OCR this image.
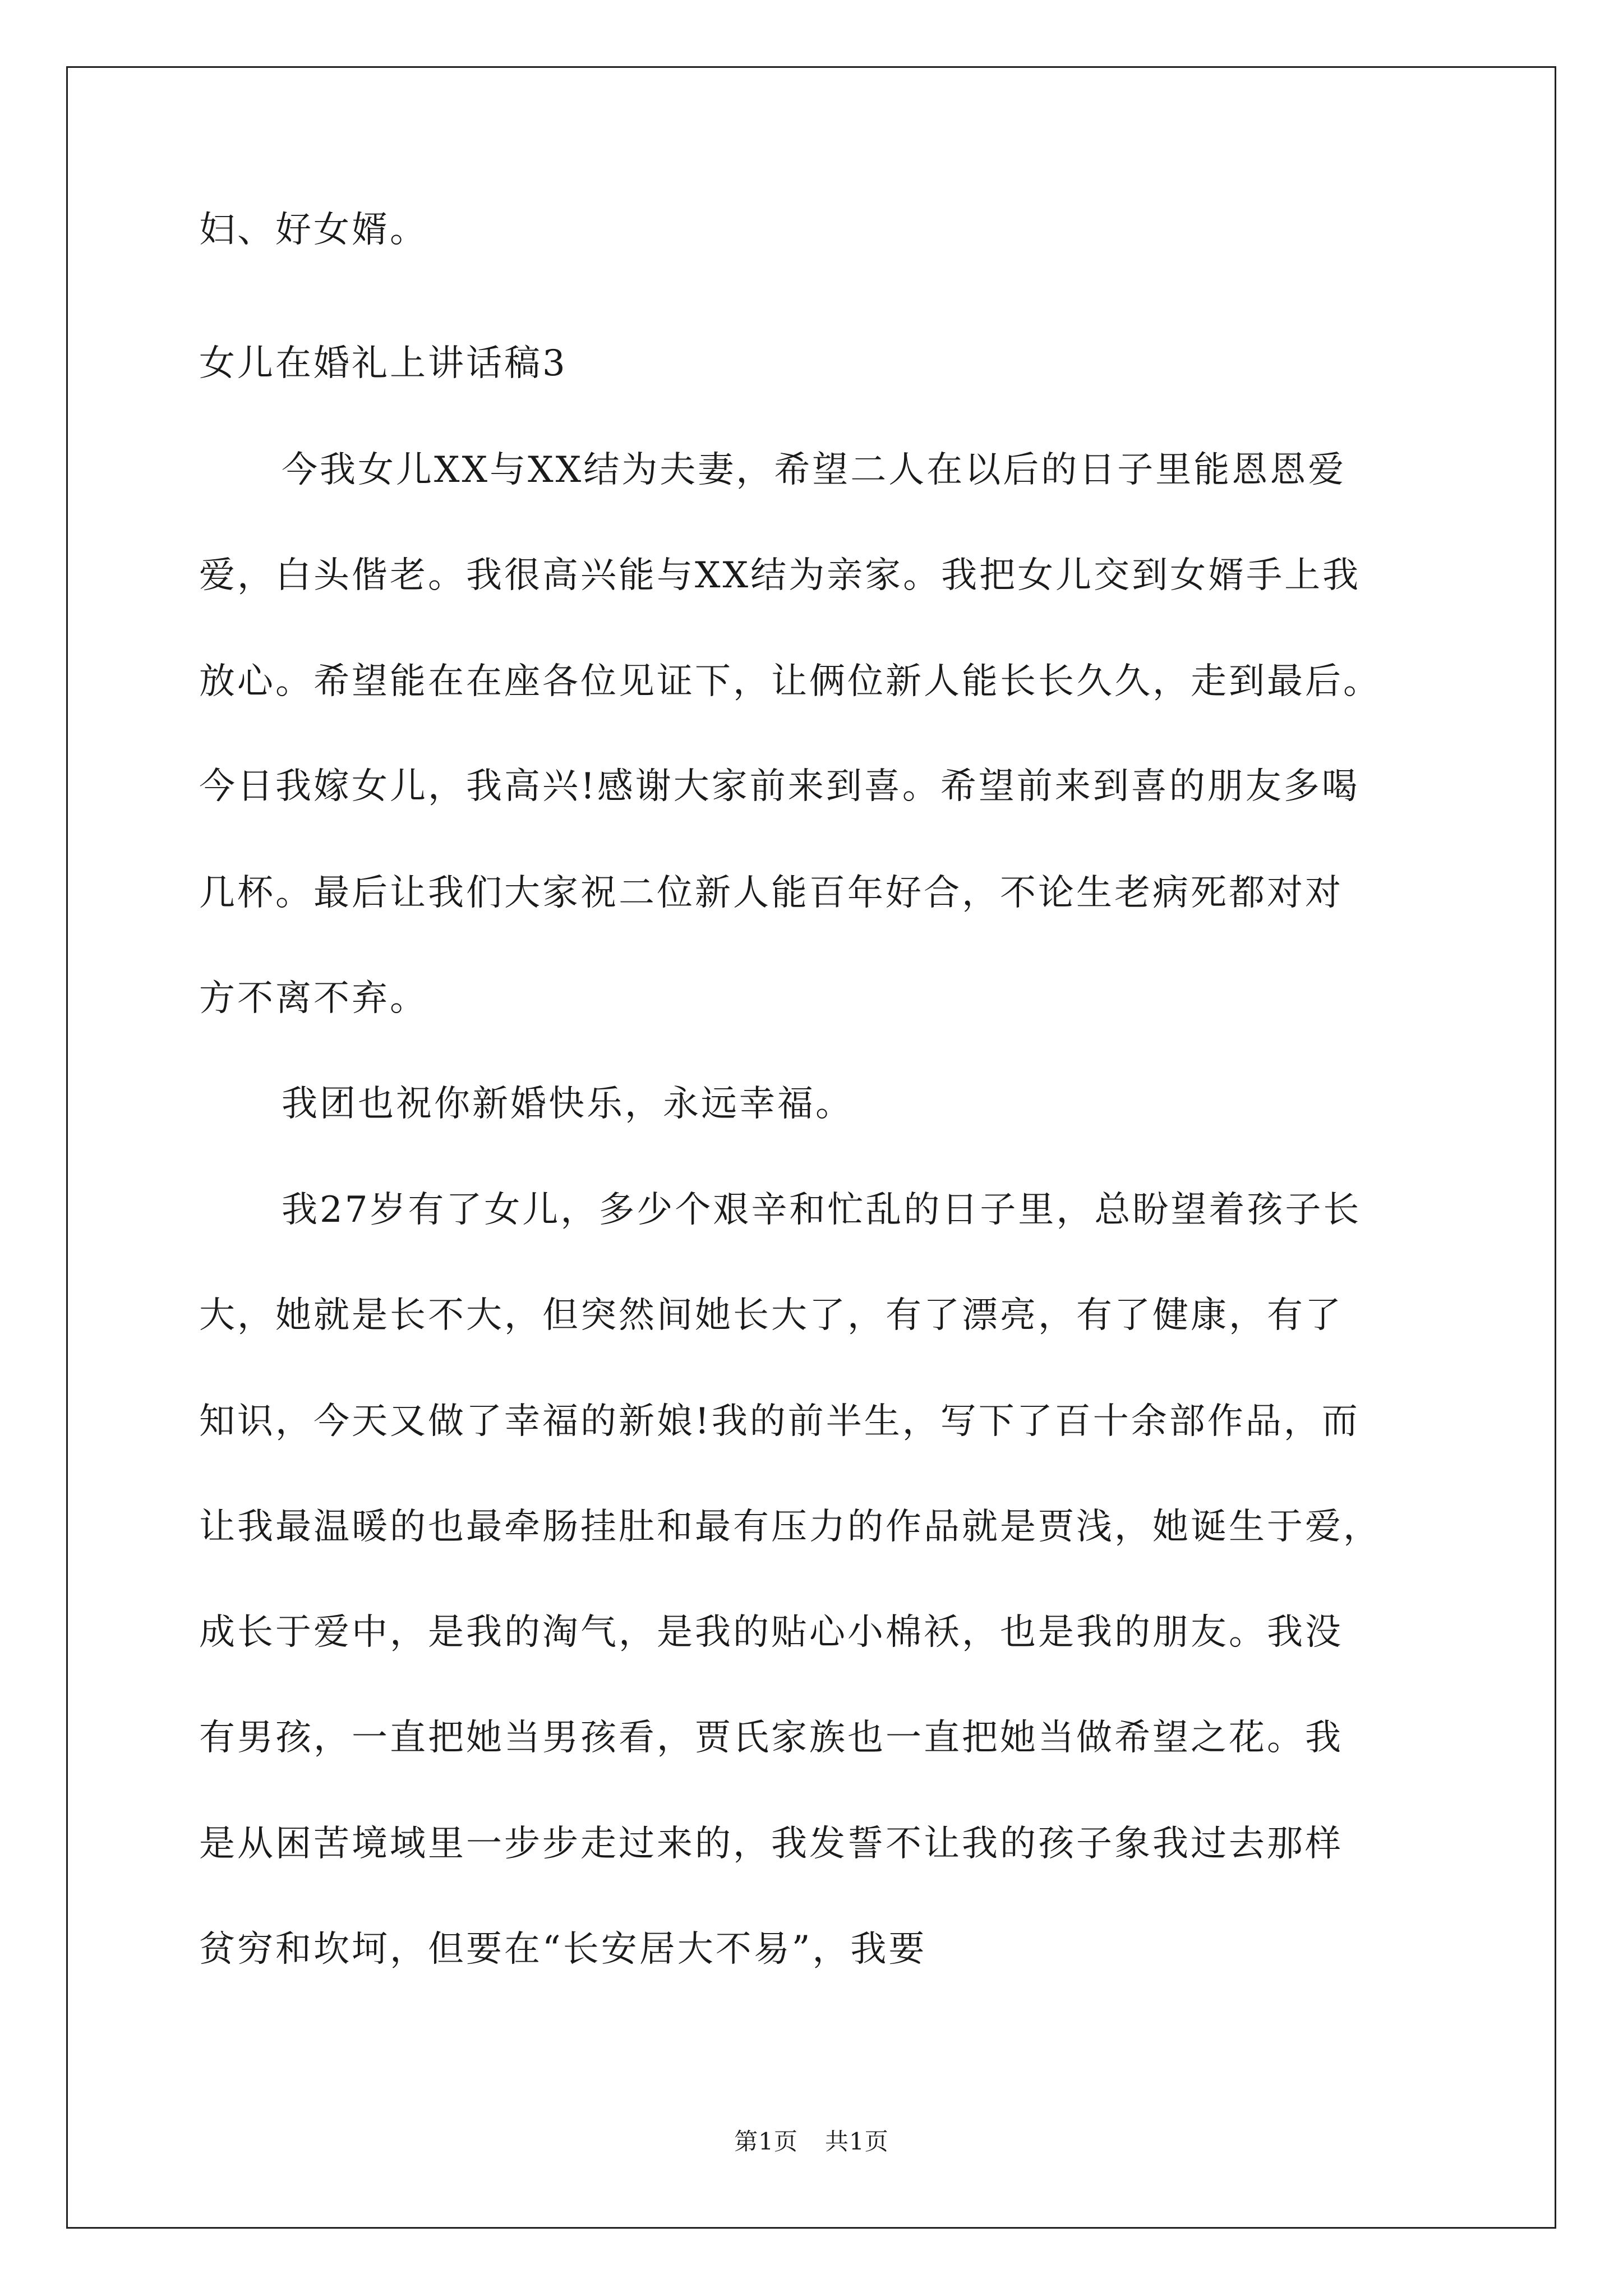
妇、好女婿。
女儿在婚礼上讲话稿3
今我女儿XX与XX结为夫妻，希望二人在以后的日子里能恩恩爱
爱，白头偕老。我很高兴能与XX结为亲家。我把女儿交到女婿手上我
放心。希望能在在座各位见证下，让俩位新人能长长久久，走到最后。
今日我嫁女儿，我高兴!感谢大家前来到喜。希望前来到喜的朋友多喝
几杯。最后让我们大家祝二位新人能百年好合，不论生老病死都对对
方不离不弃。
我团也祝你新婚快乐，永远幸福。
我27岁有了女儿，多少个艰辛和忙乱的日子里，总盼望着孩子长
大，她就是长不大，但突然间她长大了，有了漂亮，有了健康，有了
知识，今天又做了幸福的新娘!我的前半生，写下了百十余部作品，而
让我最温暖的也最牵肠挂肚和最有压力的作品就是贾浅，她诞生于爱，
成长于爱中，是我的淘气，是我的贴心小棉袄，也是我的朋友。我没
有男孩，一直把她当男孩看，贾氏家族也一直把她当做希望之花。我
是从困苦境域里一步步走过来的，我发誓不让我的孩子象我过去那样
贫穷和坎坷，但要在“长安居大不易”，我要
第1页 共1页
